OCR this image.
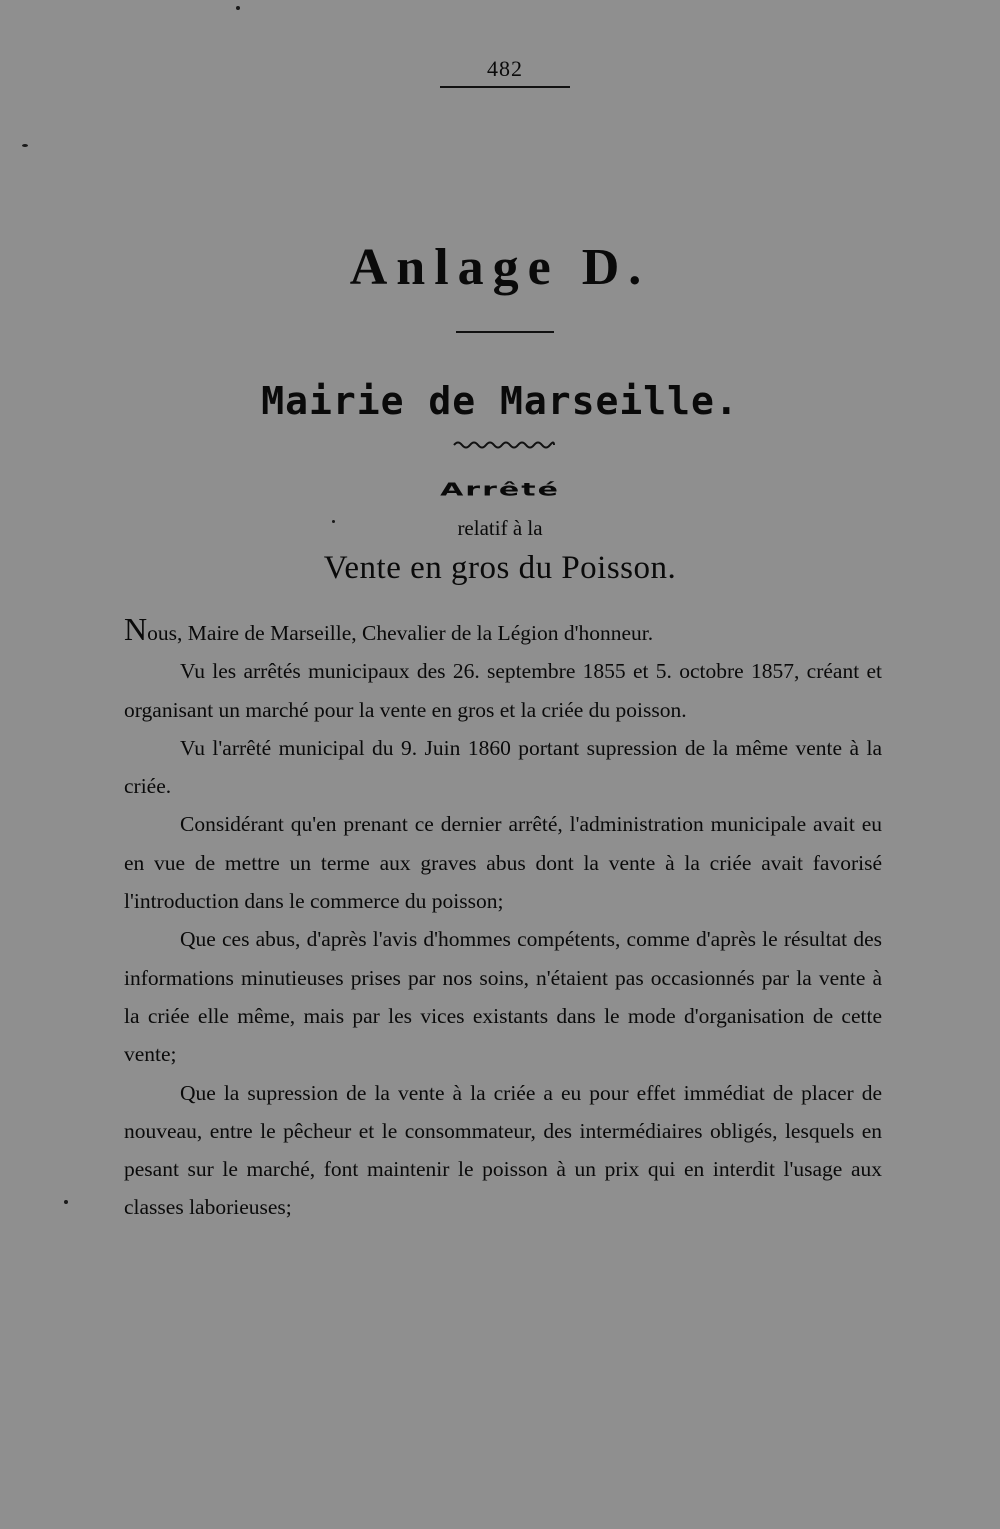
482
Anlage D.
Mairie de Marseille.
Arrêté
relatif à la
Vente en gros du Poisson.

Nous, Maire de Marseille, Chevalier de la Légion d'honneur.

Vu les arrêtés municipaux des 26. septembre 1855 et 5. octobre 1857, créant et organisant un marché pour la vente en gros et la criée du poisson.

Vu l'arrêté municipal du 9. Juin 1860 portant supression de la même vente à la criée.

Considérant qu'en prenant ce dernier arrêté, l'administration municipale avait eu en vue de mettre un terme aux graves abus dont la vente à la criée avait favorisé l'introduction dans le commerce du poisson;

Que ces abus, d'après l'avis d'hommes compétents, comme d'après le résultat des informations minutieuses prises par nos soins, n'étaient pas occasionnés par la vente à la criée elle même, mais par les vices existants dans le mode d'organisation de cette vente;

Que la supression de la vente à la criée a eu pour effet immédiat de placer de nouveau, entre le pêcheur et le consommateur, des intermédiaires obligés, lesquels en pesant sur le marché, font maintenir le poisson à un prix qui en interdit l'usage aux classes laborieuses;
